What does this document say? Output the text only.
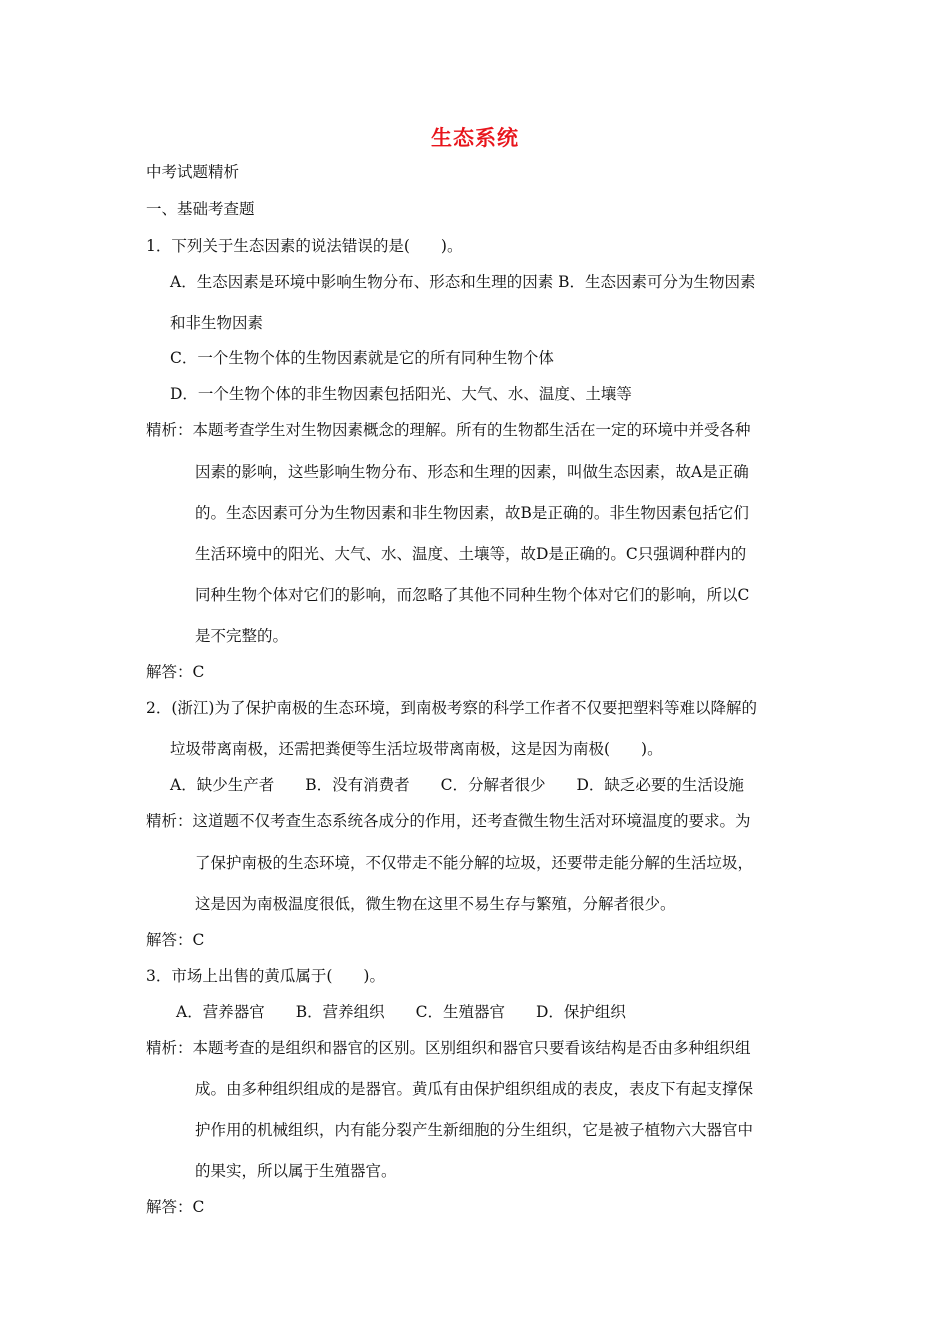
生态系统
中考试题精析
一、基础考查题
1．下列关于生态因素的说法错误的是(　　)。
A．生态因素是环境中影响生物分布、形态和生理的因素 B．生态因素可分为生物因素
和非生物因素
C．一个生物个体的生物因素就是它的所有同种生物个体
D．一个生物个体的非生物因素包括阳光、大气、水、温度、土壤等
精析：本题考查学生对生物因素概念的理解。所有的生物都生活在一定的环境中并受各种
因素的影响，这些影响生物分布、形态和生理的因素，叫做生态因素，故A是正确
的。生态因素可分为生物因素和非生物因素，故B是正确的。非生物因素包括它们
生活环境中的阳光、大气、水、温度、土壤等，故D是正确的。C只强调种群内的
同种生物个体对它们的影响，而忽略了其他不同种生物个体对它们的影响，所以C
是不完整的。
解答：C
2．(浙江)为了保护南极的生态环境，到南极考察的科学工作者不仅要把塑料等难以降解的
垃圾带离南极，还需把粪便等生活垃圾带离南极，这是因为南极(　　)。
A．缺少生产者　　B．没有消费者　　C．分解者很少　　D．缺乏必要的生活设施
精析：这道题不仅考查生态系统各成分的作用，还考查微生物生活对环境温度的要求。为
了保护南极的生态环境，不仅带走不能分解的垃圾，还要带走能分解的生活垃圾，
这是因为南极温度很低，微生物在这里不易生存与繁殖，分解者很少。
解答：C
3．市场上出售的黄瓜属于(　　)。
A．营养器官　　B．营养组织　　C．生殖器官　　D．保护组织
精析：本题考查的是组织和器官的区别。区别组织和器官只要看该结构是否由多种组织组
成。由多种组织组成的是器官。黄瓜有由保护组织组成的表皮，表皮下有起支撑保
护作用的机械组织，内有能分裂产生新细胞的分生组织，它是被子植物六大器官中
的果实，所以属于生殖器官。
解答：C
